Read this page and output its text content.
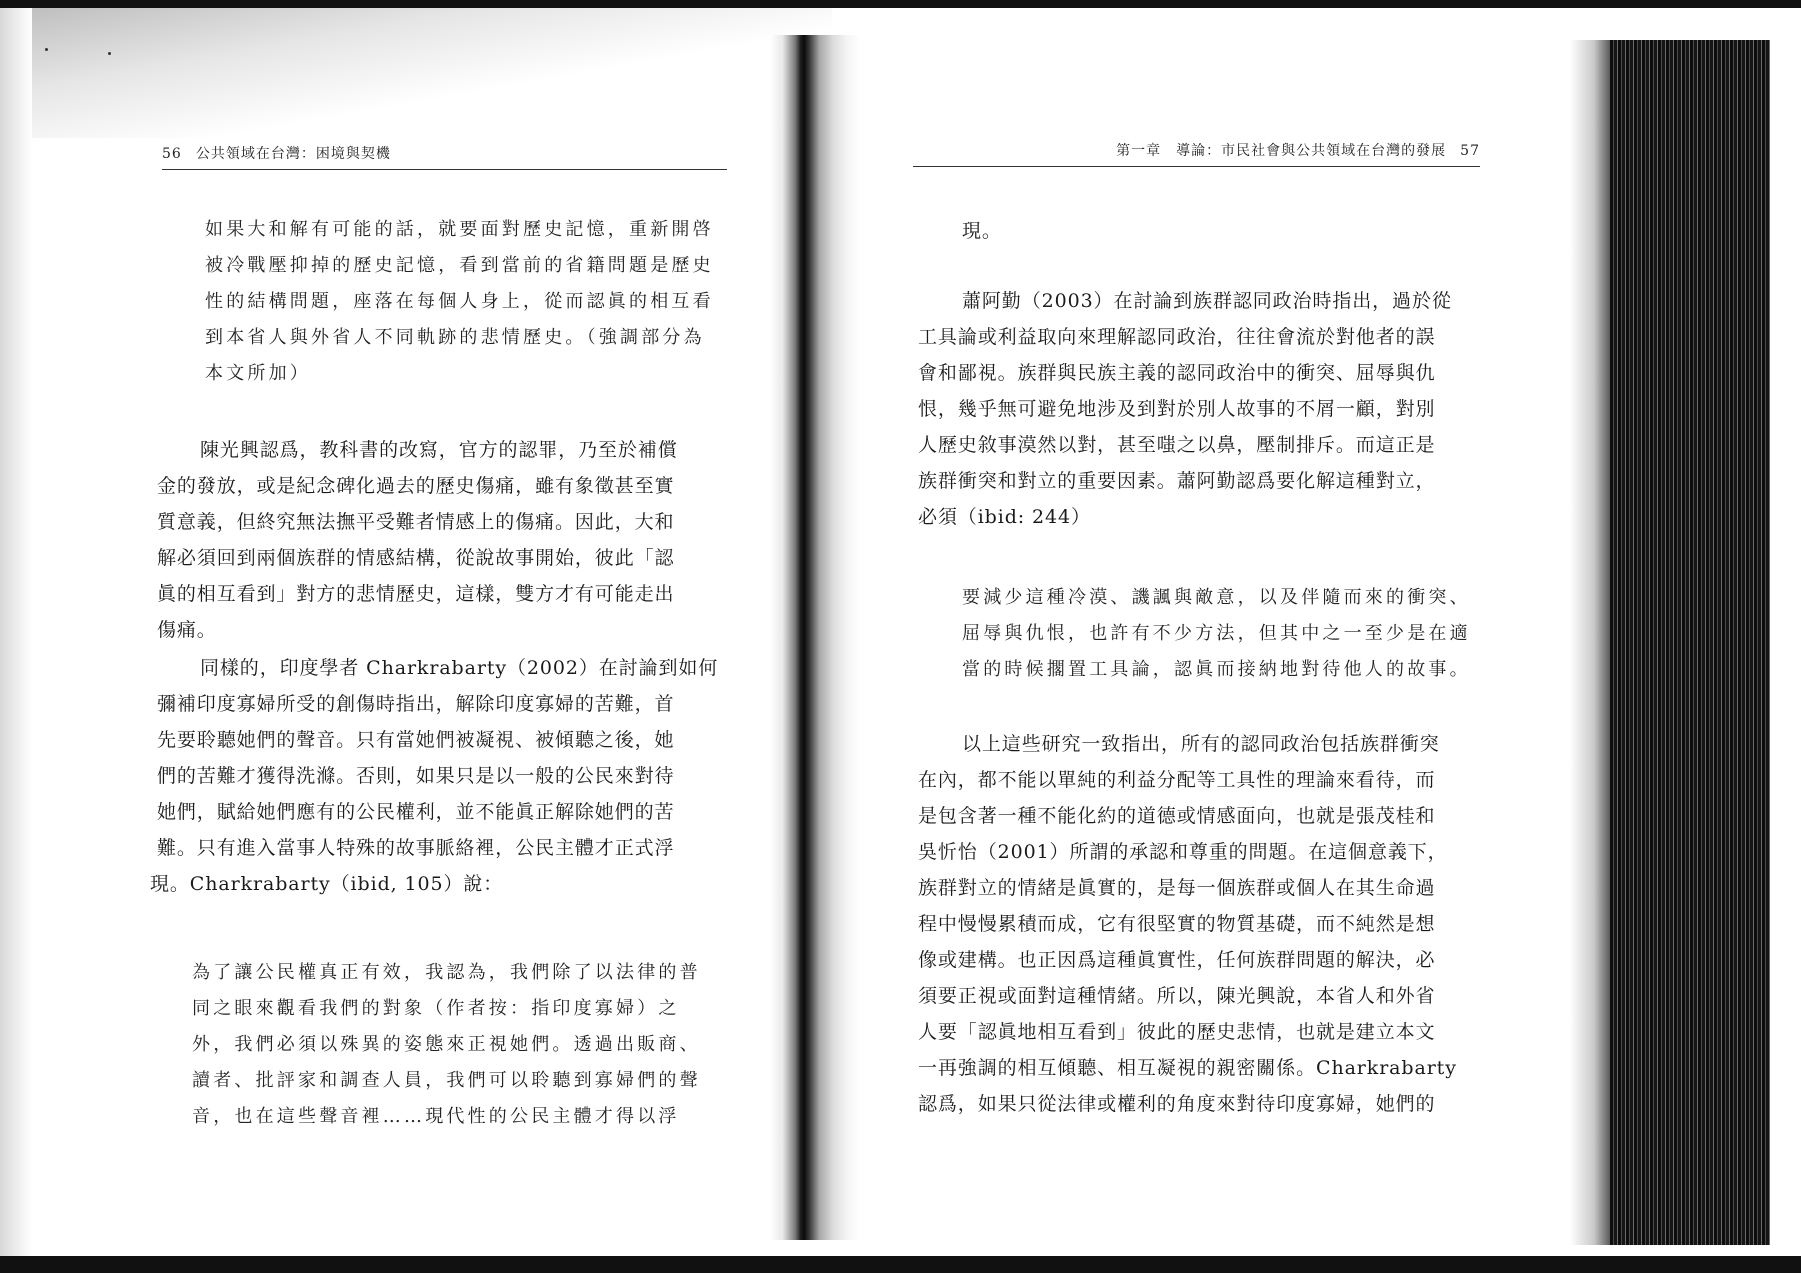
56 公共領域在台灣：困境與契機
如果大和解有可能的話，就要面對歷史記憶，重新開啓
被冷戰壓抑掉的歷史記憶，看到當前的省籍問題是歷史
性的結構問題，座落在每個人身上，從而認眞的相互看
到本省人與外省人不同軌跡的悲情歷史。（強調部分為
本文所加）
陳光興認爲，教科書的改寫，官方的認罪，乃至於補償
金的發放，或是紀念碑化過去的歷史傷痛，雖有象徵甚至實
質意義，但終究無法撫平受難者情感上的傷痛。因此，大和
解必須回到兩個族群的情感結構，從說故事開始，彼此「認
眞的相互看到」對方的悲情歷史，這樣，雙方才有可能走出
傷痛。
同樣的，印度學者 Charkrabarty（2002）在討論到如何
彌補印度寡婦所受的創傷時指出，解除印度寡婦的苦難，首
先要聆聽她們的聲音。只有當她們被凝視、被傾聽之後，她
們的苦難才獲得洗滌。否則，如果只是以一般的公民來對待
她們，賦給她們應有的公民權利，並不能眞正解除她們的苦
難。只有進入當事人特殊的故事脈絡裡，公民主體才正式浮
現。Charkrabarty（ibid, 105）說：
為了讓公民權真正有效，我認為，我們除了以法律的普
同之眼來觀看我們的對象（作者按：指印度寡婦）之
外，我們必須以殊異的姿態來正視她們。透過出販商、
讀者、批評家和調查人員，我們可以聆聽到寡婦們的聲
音，也在這些聲音裡……現代性的公民主體才得以浮
第一章　導論：市民社會與公共領域在台灣的發展 57
現。
蕭阿勤（2003）在討論到族群認同政治時指出，過於從
工具論或利益取向來理解認同政治，往往會流於對他者的誤
會和鄙視。族群與民族主義的認同政治中的衝突、屈辱與仇
恨，幾乎無可避免地涉及到對於別人故事的不屑一顧，對別
人歷史敘事漠然以對，甚至嗤之以鼻，壓制排斥。而這正是
族群衝突和對立的重要因素。蕭阿勤認爲要化解這種對立，
必須（ibid: 244）
要減少這種冷漠、譏諷與敵意，以及伴隨而來的衝突、
屈辱與仇恨，也許有不少方法，但其中之一至少是在適
當的時候擱置工具論，認眞而接納地對待他人的故事。
以上這些研究一致指出，所有的認同政治包括族群衝突
在內，都不能以單純的利益分配等工具性的理論來看待，而
是包含著一種不能化約的道德或情感面向，也就是張茂桂和
吳忻怡（2001）所謂的承認和尊重的問題。在這個意義下，
族群對立的情緒是眞實的，是每一個族群或個人在其生命過
程中慢慢累積而成，它有很堅實的物質基礎，而不純然是想
像或建構。也正因爲這種眞實性，任何族群問題的解決，必
須要正視或面對這種情緒。所以，陳光興說，本省人和外省
人要「認眞地相互看到」彼此的歷史悲情，也就是建立本文
一再強調的相互傾聽、相互凝視的親密關係。Charkrabarty
認爲，如果只從法律或權利的角度來對待印度寡婦，她們的
